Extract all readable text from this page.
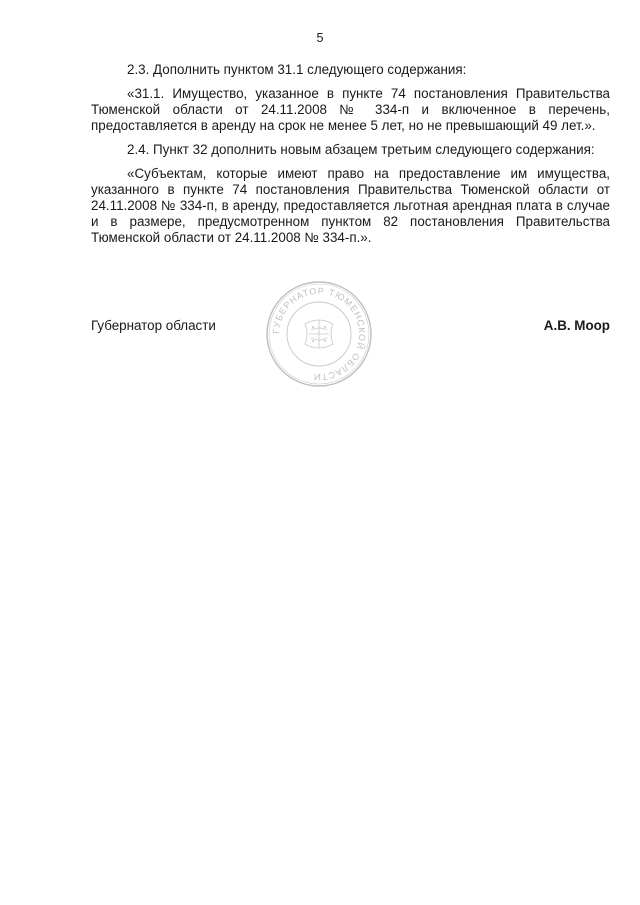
5

2.3. Дополнить пунктом 31.1 следующего содержания:

«31.1. Имущество, указанное в пункте 74 постановления Правительства Тюменской области от 24.11.2008 № 334-п и включенное в перечень, предоставляется в аренду на срок не менее 5 лет, но не превышающий 49 лет.».

2.4. Пункт 32 дополнить новым абзацем третьим следующего содержания:

«Субъектам, которые имеют право на предоставление им имущества, указанного в пункте 74 постановления Правительства Тюменской области от 24.11.2008 № 334-п, в аренду, предоставляется льготная арендная плата в случае и в размере, предусмотренном пунктом 82 постановления Правительства Тюменской области от 24.11.2008 № 334-п.».

ГУБЕРНАТОР ТЮМЕНСКОЙ ОБЛАСТИ
Губернатор области	А.В. Моор
